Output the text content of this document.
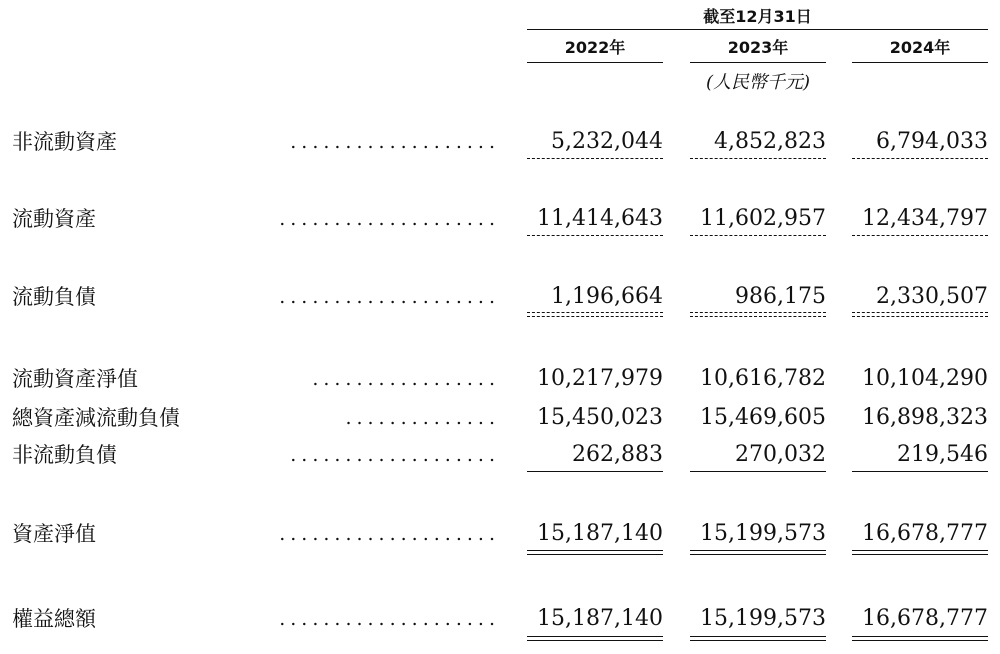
截至12月31日
2022年	2023年	2024年
(人民幣千元)
非流動資產	...................	5,232,044	4,852,823	6,794,033
流動資產	....................	11,414,643	11,602,957	12,434,797
流動負債	....................	1,196,664	986,175	2,330,507
流動資產淨值	.................	10,217,979	10,616,782	10,104,290
總資產減流動負債	..............	15,450,023	15,469,605	16,898,323
非流動負債	...................	262,883	270,032	219,546
資產淨值	....................	15,187,140	15,199,573	16,678,777
權益總額	....................	15,187,140	15,199,573	16,678,777
